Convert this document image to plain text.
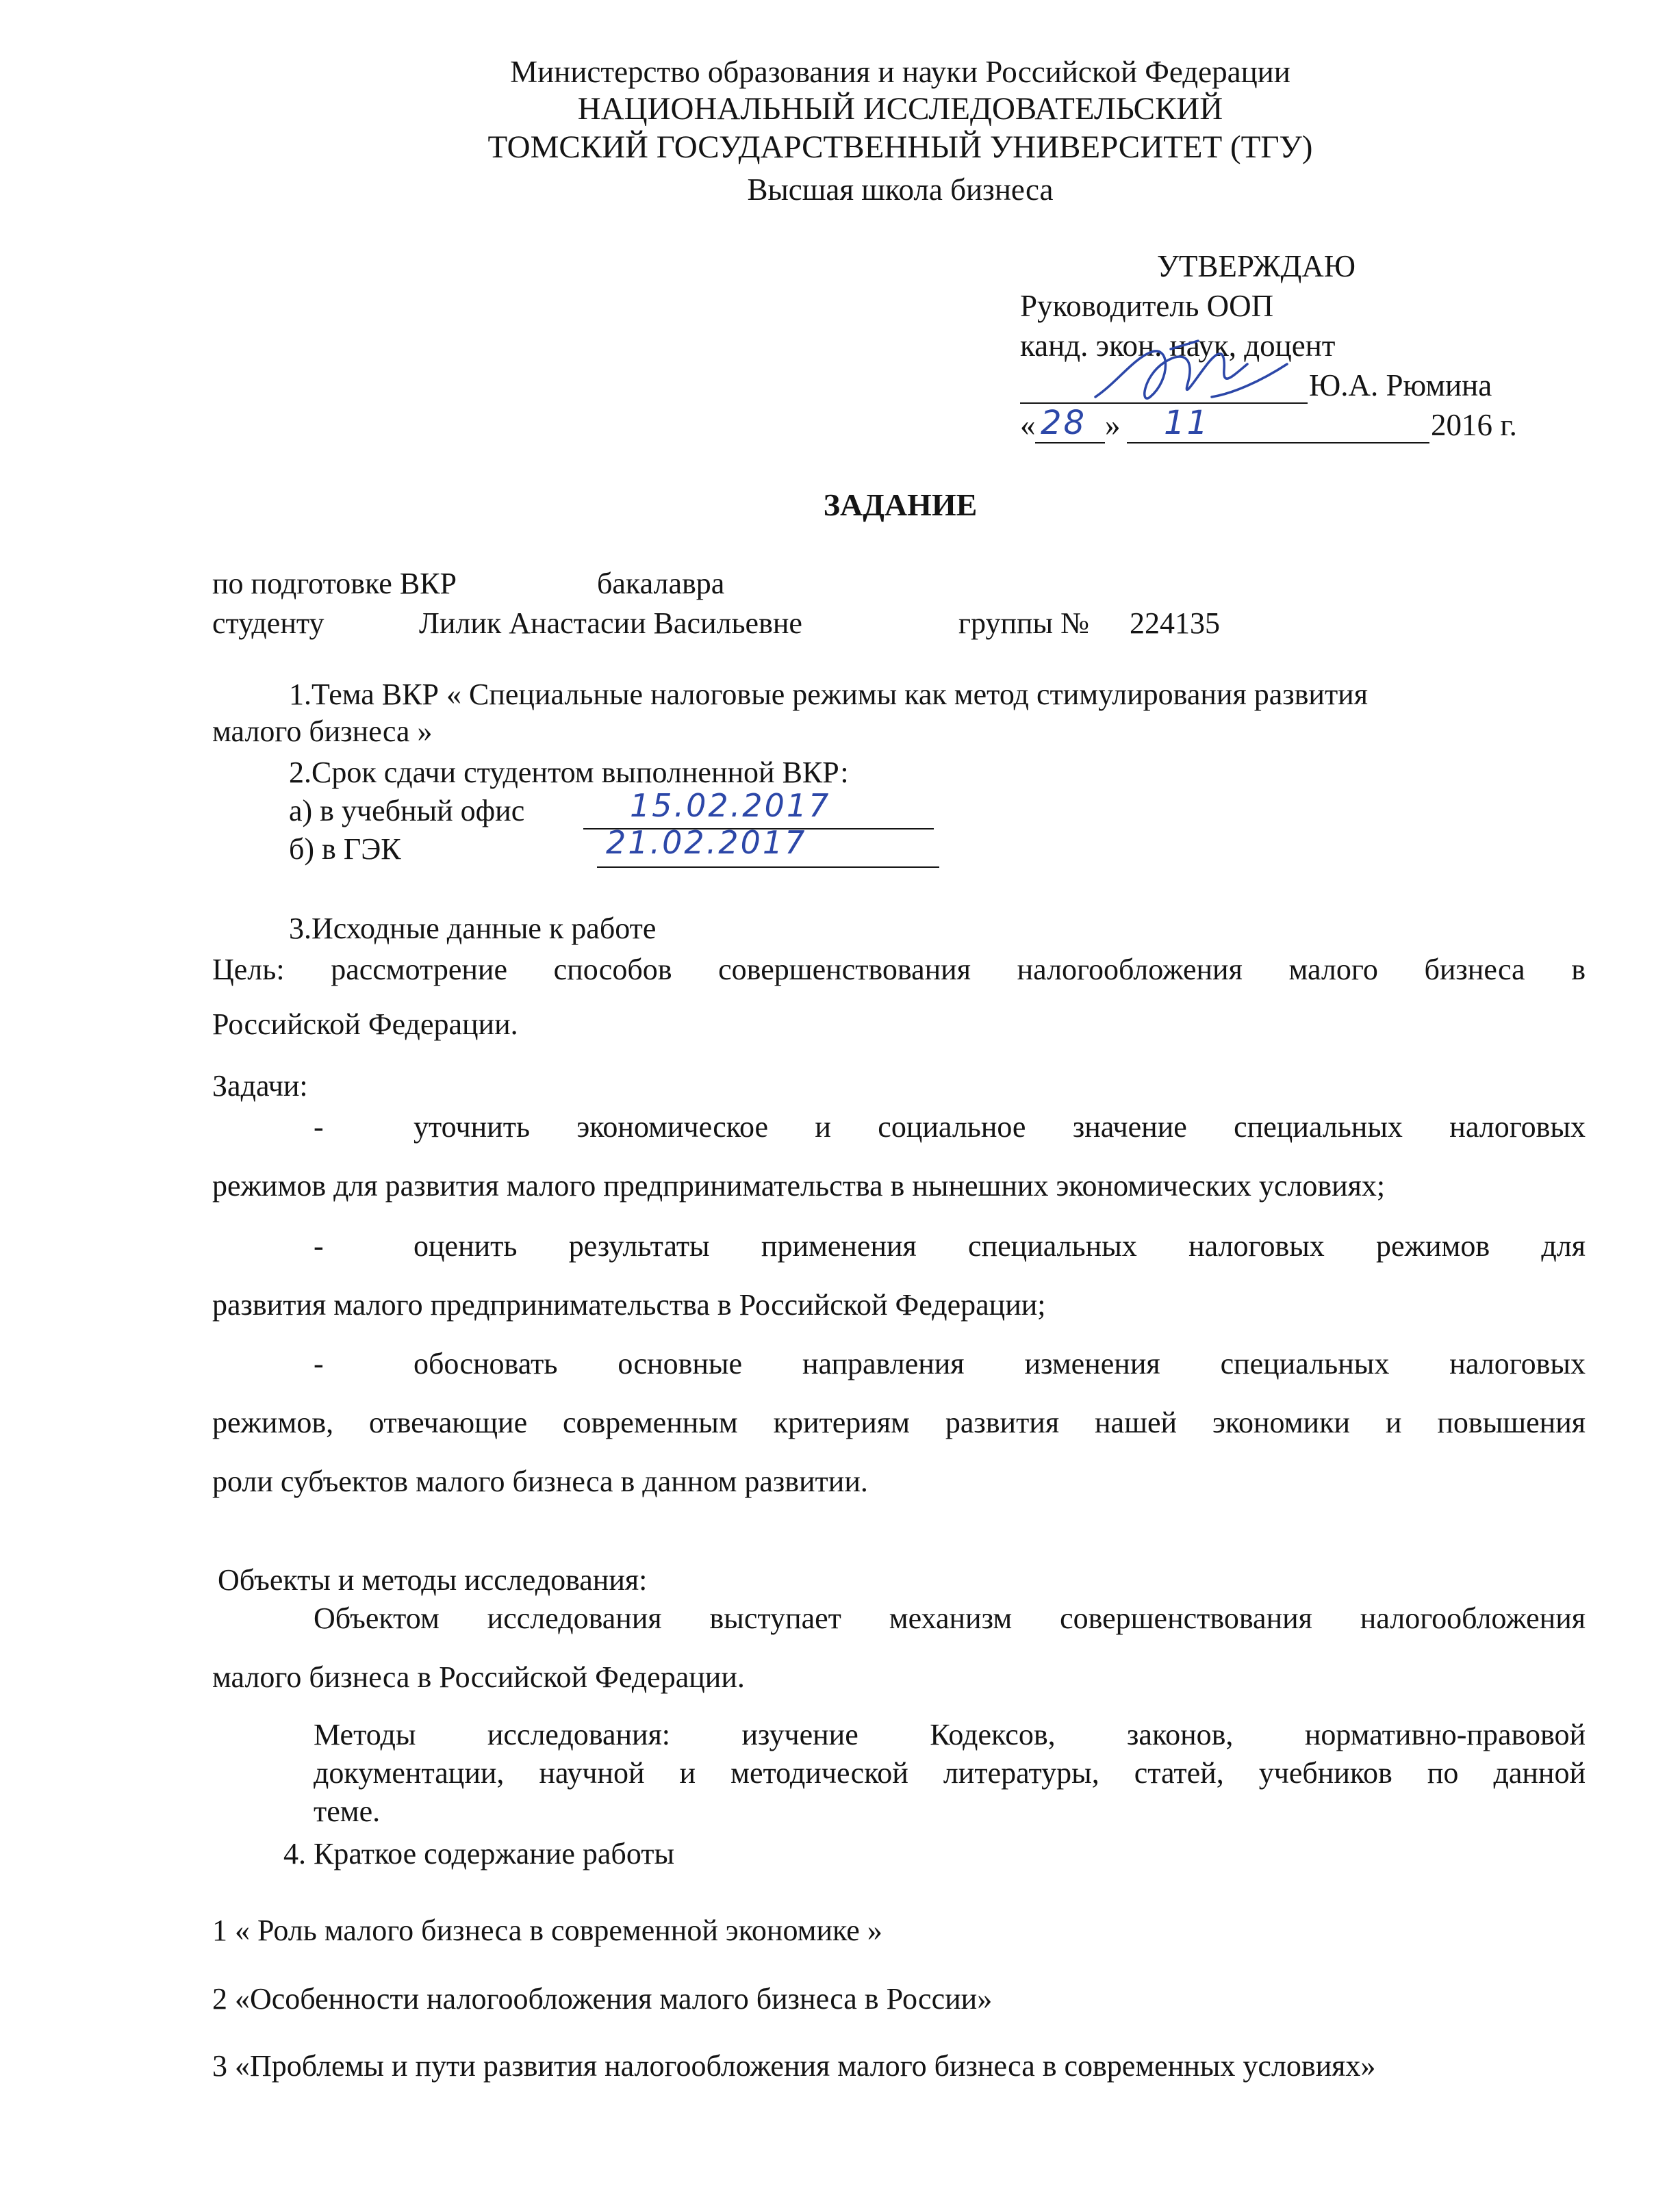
Министерство образования и науки Российской Федерации
НАЦИОНАЛЬНЫЙ ИССЛЕДОВАТЕЛЬСКИЙ
ТОМСКИЙ ГОСУДАРСТВЕННЫЙ УНИВЕРСИТЕТ (ТГУ)
Высшая школа бизнеса
УТВЕРЖДАЮ
Руководитель ООП
канд. экон. наук, доцент
Ю.А. Рюмина
« 28 » 11	2016 г.
ЗАДАНИЕ
по подготовке ВКР	бакалавра
студенту	Лилик Анастасии Васильевне	группы № 224135
1.Тема ВКР « Специальные налоговые режимы как метод стимулирования развития
малого бизнеса »
2.Срок сдачи студентом выполненной ВКР:
а) в учебный офис	15.02.2017
б) в ГЭК	21.02.2017
3.Исходные данные к работе
Цель: рассмотрение способов совершенствования налогообложения малого бизнеса в
Российской Федерации.
Задачи:
-	уточнить экономическое и социальное значение специальных налоговых
режимов для развития малого предпринимательства в нынешних экономических условиях;
-	оценить результаты применения специальных налоговых режимов для
развития малого предпринимательства в Российской Федерации;
-	обосновать основные направления изменения специальных налоговых
режимов, отвечающие современным критериям развития нашей экономики и повышения
роли субъектов малого бизнеса в данном развитии.
Объекты и методы исследования:
Объектом исследования выступает механизм совершенствования налогообложения
малого бизнеса в Российской Федерации.
Методы исследования: изучение Кодексов, законов, нормативно-правовой
документации, научной и методической литературы, статей, учебников по данной
теме.
4. Краткое содержание работы
1 « Роль малого бизнеса в современной экономике »
2 «Особенности налогообложения малого бизнеса в России»
3 «Проблемы и пути развития налогообложения малого бизнеса в современных условиях»
